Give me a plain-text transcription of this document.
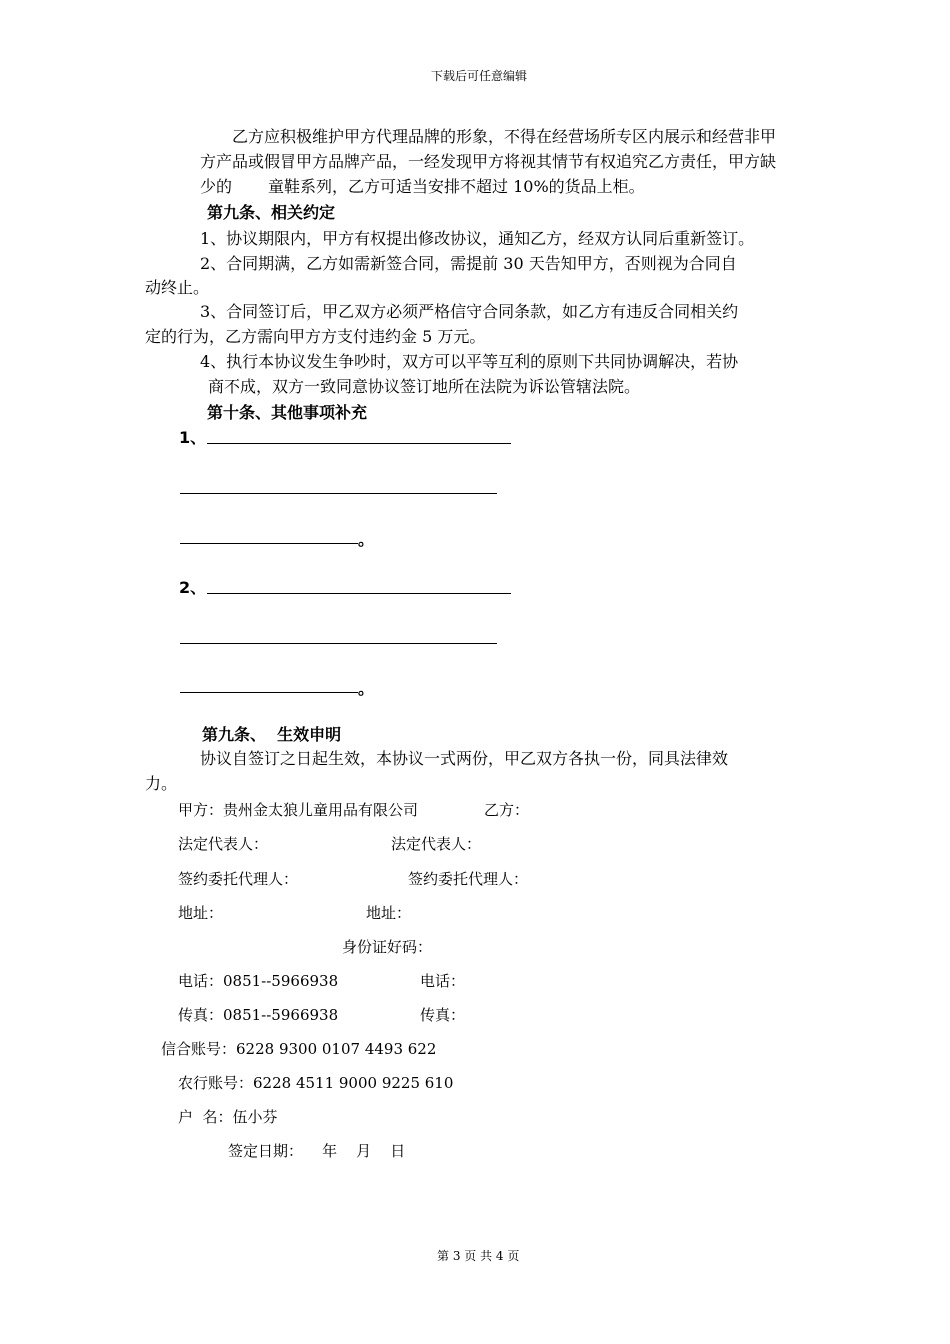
下载后可任意编辑
乙方应积极维护甲方代理品牌的形象，不得在经营场所专区内展示和经营非甲
方产品或假冒甲方品牌产品，一经发现甲方将视其情节有权追究乙方责任，甲方缺
少的 童鞋系列，乙方可适当安排不超过 10%的货品上柜。
第九条、相关约定
1、协议期限内，甲方有权提出修改协议，通知乙方，经双方认同后重新签订。
2、合同期满，乙方如需新签合同，需提前 30 天告知甲方，否则视为合同自
动终止。
3、合同签订后，甲乙双方必须严格信守合同条款，如乙方有违反合同相关约
定的行为，乙方需向甲方方支付违约金 5 万元。
4、执行本协议发生争吵时，双方可以平等互利的原则下共同协调解决，若协
商不成，双方一致同意协议签订地所在法院为诉讼管辖法院。
第十条、其他事项补充
1、
。
2、
。
第九条、  生效申明
协议自签订之日起生效，本协议一式两份，甲乙双方各执一份，同具法律效
力。
甲方：贵州金太狼儿童用品有限公司	乙方：
法定代表人：	法定代表人：
签约委托代理人：	签约委托代理人：
地址：	地址：
身份证好码：
电话：0851--5966938	电话：
传真：0851--5966938	传真：
信合账号：6228 9300 0107 4493 622
农行账号：6228 4511 9000 9225 610
户  名：伍小芬
签定日期：    年    月    日
第 3 页 共 4 页
